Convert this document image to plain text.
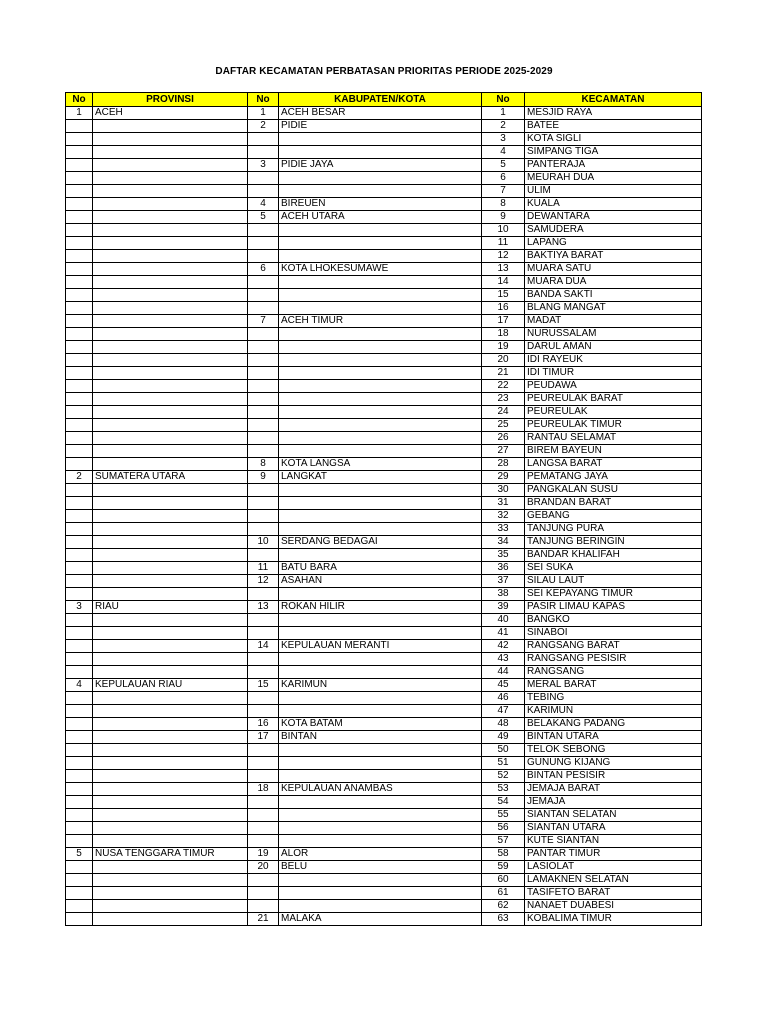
DAFTAR KECAMATAN PERBATASAN PRIORITAS PERIODE 2025-2029
No	PROVINSI	No	KABUPATEN/KOTA	No	KECAMATAN
1	ACEH	1	ACEH BESAR	1	MESJID RAYA
		2	PIDIE	2	BATEE
				3	KOTA SIGLI
				4	SIMPANG TIGA
		3	PIDIE JAYA	5	PANTERAJA
				6	MEURAH DUA
				7	ULIM
		4	BIREUEN	8	KUALA
		5	ACEH UTARA	9	DEWANTARA
				10	SAMUDERA
				11	LAPANG
				12	BAKTIYA BARAT
		6	KOTA LHOKESUMAWE	13	MUARA SATU
				14	MUARA DUA
				15	BANDA SAKTI
				16	BLANG MANGAT
		7	ACEH TIMUR	17	MADAT
				18	NURUSSALAM
				19	DARUL AMAN
				20	IDI RAYEUK
				21	IDI TIMUR
				22	PEUDAWA
				23	PEUREULAK BARAT
				24	PEUREULAK
				25	PEUREULAK TIMUR
				26	RANTAU SELAMAT
				27	BIREM BAYEUN
		8	KOTA LANGSA	28	LANGSA BARAT
2	SUMATERA UTARA	9	LANGKAT	29	PEMATANG JAYA
				30	PANGKALAN SUSU
				31	BRANDAN BARAT
				32	GEBANG
				33	TANJUNG PURA
		10	SERDANG BEDAGAI	34	TANJUNG BERINGIN
				35	BANDAR KHALIFAH
		11	BATU BARA	36	SEI SUKA
		12	ASAHAN	37	SILAU LAUT
				38	SEI KEPAYANG TIMUR
3	RIAU	13	ROKAN HILIR	39	PASIR LIMAU KAPAS
				40	BANGKO
				41	SINABOI
		14	KEPULAUAN MERANTI	42	RANGSANG BARAT
				43	RANGSANG PESISIR
				44	RANGSANG
4	KEPULAUAN RIAU	15	KARIMUN	45	MERAL BARAT
				46	TEBING
				47	KARIMUN
		16	KOTA BATAM	48	BELAKANG PADANG
		17	BINTAN	49	BINTAN UTARA
				50	TELOK SEBONG
				51	GUNUNG KIJANG
				52	BINTAN PESISIR
		18	KEPULAUAN ANAMBAS	53	JEMAJA BARAT
				54	JEMAJA
				55	SIANTAN SELATAN
				56	SIANTAN UTARA
				57	KUTE SIANTAN
5	NUSA TENGGARA TIMUR	19	ALOR	58	PANTAR TIMUR
		20	BELU	59	LASIOLAT
				60	LAMAKNEN SELATAN
				61	TASIFETO BARAT
				62	NANAET DUABESI
		21	MALAKA	63	KOBALIMA TIMUR
